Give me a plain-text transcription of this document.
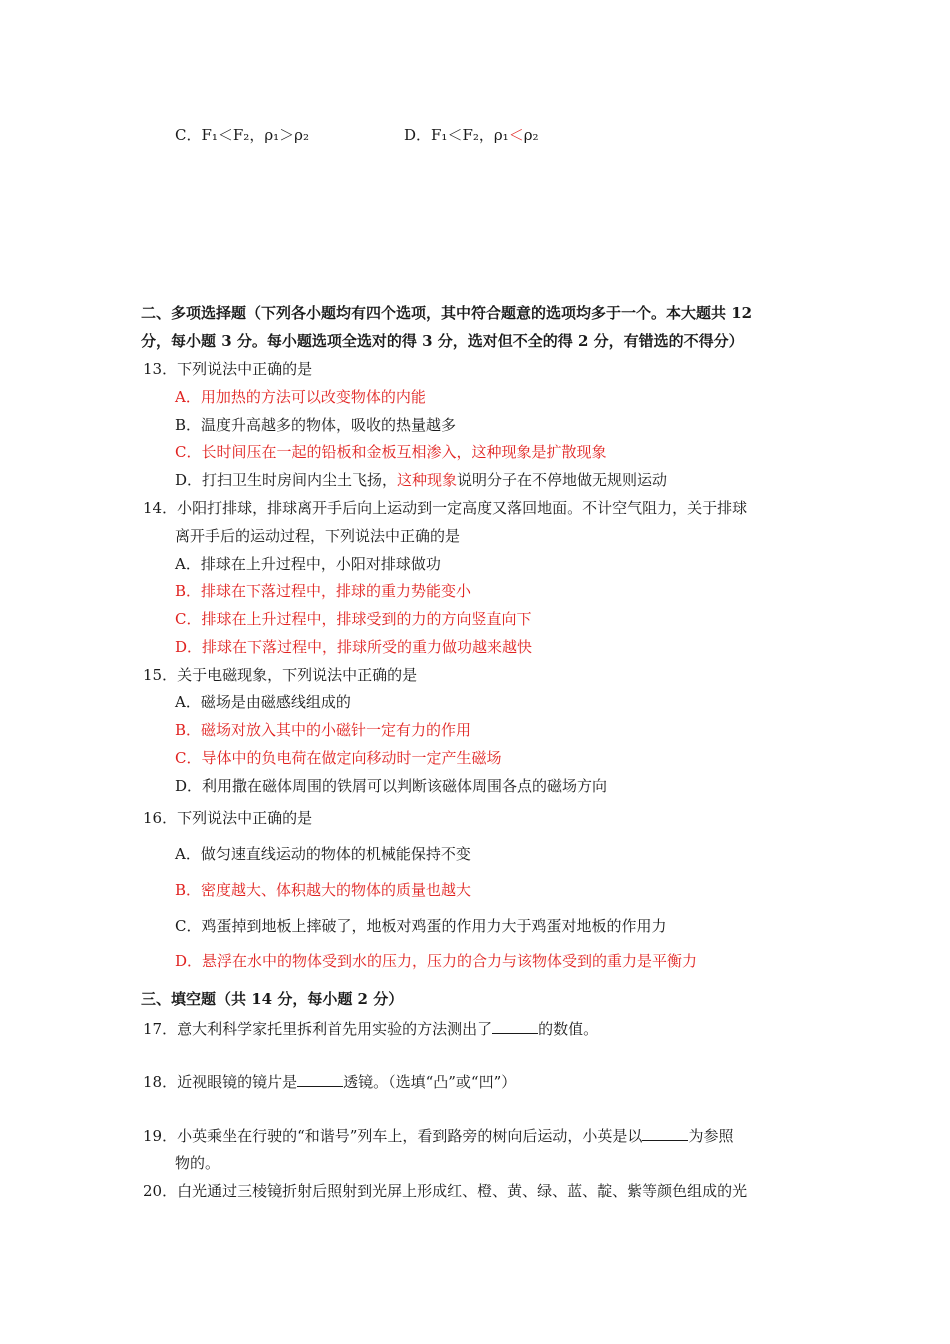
C．F₁＜F₂，ρ₁＞ρ₂	D．F₁＜F₂，ρ₁＜ρ₂
二、多项选择题（下列各小题均有四个选项，其中符合题意的选项均多于一个。本大题共 12
分，每小题 3 分。每小题选项全选对的得 3 分，选对但不全的得 2 分，有错选的不得分）
13．下列说法中正确的是
A．用加热的方法可以改变物体的内能
B．温度升高越多的物体，吸收的热量越多
C．长时间压在一起的铅板和金板互相渗入，这种现象是扩散现象
D．打扫卫生时房间内尘土飞扬，这种现象说明分子在不停地做无规则运动
14．小阳打排球，排球离开手后向上运动到一定高度又落回地面。不计空气阻力，关于排球
离开手后的运动过程，下列说法中正确的是
A．排球在上升过程中，小阳对排球做功
B．排球在下落过程中，排球的重力势能变小
C．排球在上升过程中，排球受到的力的方向竖直向下
D．排球在下落过程中，排球所受的重力做功越来越快
15．关于电磁现象，下列说法中正确的是
A．磁场是由磁感线组成的
B．磁场对放入其中的小磁针一定有力的作用
C．导体中的负电荷在做定向移动时一定产生磁场
D．利用撒在磁体周围的铁屑可以判断该磁体周围各点的磁场方向
16．下列说法中正确的是
A．做匀速直线运动的物体的机械能保持不变
B．密度越大、体积越大的物体的质量也越大
C．鸡蛋掉到地板上摔破了，地板对鸡蛋的作用力大于鸡蛋对地板的作用力
D．悬浮在水中的物体受到水的压力，压力的合力与该物体受到的重力是平衡力
三、填空题（共 14 分，每小题 2 分）
17．意大利科学家托里拆利首先用实验的方法测出了	的数值。
18．近视眼镜的镜片是	透镜。（选填“凸”或“凹”）
19．小英乘坐在行驶的“和谐号”列车上，看到路旁的树向后运动，小英是以	为参照
物的。
20．白光通过三棱镜折射后照射到光屏上形成红、橙、黄、绿、蓝、靛、紫等颜色组成的光
